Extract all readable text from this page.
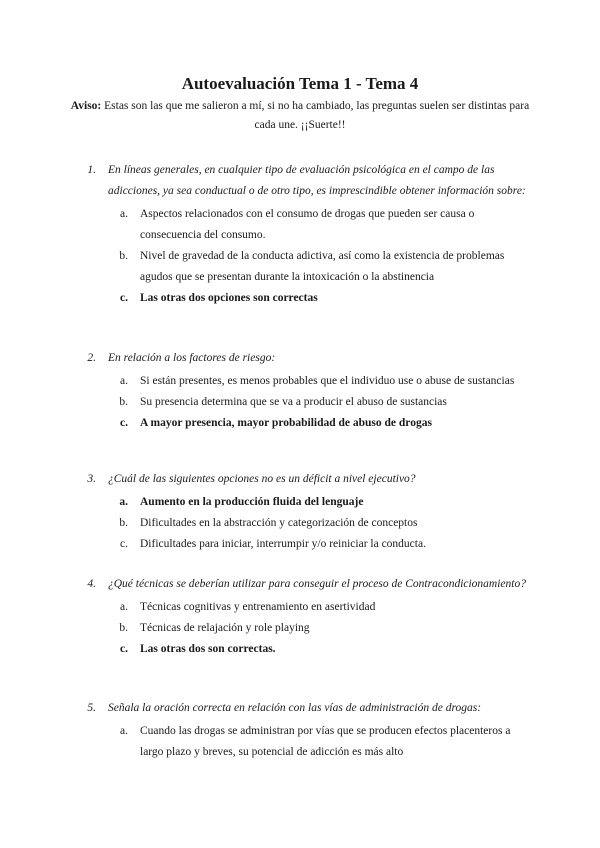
Autoevaluación Tema 1 - Tema 4

Aviso: Estas son las que me salieron a mí, si no ha cambiado, las preguntas suelen ser distintas para cada une. ¡¡Suerte!!

1.	En líneas generales, en cualquier tipo de evaluación psicológica en el campo de las adicciones, ya sea conductual o de otro tipo, es imprescindible obtener información sobre:
a.	Aspectos relacionados con el consumo de drogas que pueden ser causa o consecuencia del consumo.
b.	Nivel de gravedad de la conducta adictiva, así como la existencia de problemas agudos que se presentan durante la intoxicación o la abstinencia
c.	Las otras dos opciones son correctas
2.	En relación a los factores de riesgo:
a.	Si están presentes, es menos probables que el individuo use o abuse de sustancias
b.	Su presencia determina que se va a producir el abuso de sustancias
c.	A mayor presencia, mayor probabilidad de abuso de drogas
3.	¿Cuál de las siguientes opciones no es un déficit a nivel ejecutivo?
a.	Aumento en la producción fluida del lenguaje
b.	Dificultades en la abstracción y categorización de conceptos
c.	Dificultades para iniciar, interrumpir y/o reiniciar la conducta.
4.	¿Qué técnicas se deberían utilizar para conseguir el proceso de Contracondicionamiento?
a.	Técnicas cognitivas y entrenamiento en asertividad
b.	Técnicas de relajación y role playing
c.	Las otras dos son correctas.
5.	Señala la oración correcta en relación con las vías de administración de drogas:
a.	Cuando las drogas se administran por vías que se producen efectos placenteros a largo plazo y breves, su potencial de adicción es más alto
